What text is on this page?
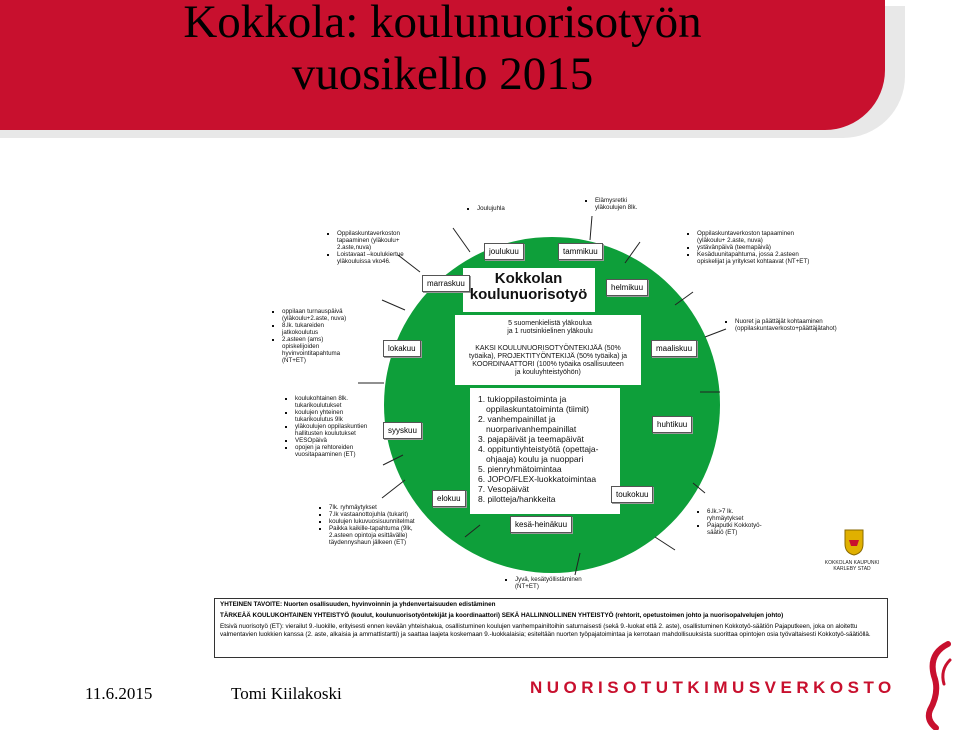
Kokkola: koulunuorisotyön
vuosikello 2015
joulukuu	tammikuu
helmikuu
maaliskuu
huhtikuu
toukokuu
kesä-heinäkuu
elokuu
syyskuu
lokakuu
marraskuu	Kokkolan
koulunuorisotyö
5 suomenkielistä yläkoulua
ja 1 ruotsinkielinen yläkoulu
KAKSI KOULUNUORISOTYÖNTEKIJÄÄ (50%
työaika), PROJEKTITYÖNTEKIJÄ (50% työaika) ja
KOORDINAATTORI (100% työaika osallisuuteen
ja kouluyhteistyöhön)
1. tukioppilastoiminta ja
oppilaskuntatoiminta (tiimit)
2. vanhempainillat ja
nuorparivanhempainillat
3. pajapäivät ja teemapäivät
4. oppituntiyhteistyötä (opettaja-
ohjaaja) koulu ja nuoppari
5. pienryhmätoimintaa
6. JOPO/FLEX-luokkatoimintaa
7. Vesopäivät
8. pilotteja/hankkeita
▪ Joulujuhla
▪ Elämysretki
yläkoulujen 8lk.
▪ Oppilaskuntaverkoston tapaaminen (yläkoulu+ 2.aste, nuva)
▪ ystävänpäivä (teemapäivä)
▪ Kesäduunitapahtuma, jossa 2.asteen opiskelijat ja yritykset kohtaavat (NT+ET)
▪ Nuoret ja päättäjät kohtaaminen (oppilaskuntaverkosto+päättäjätahot)
▪ Oppilaskuntaverkoston tapaaminen (yläkoulu+ 2.aste,nuva)
▪ Loistavaat –koulukiertue yläkouluissa vko46.
▪ oppilaan turnauspäivä (yläkoulu+2.aste, nuva)
▪ 8.lk. tukareiden jatkokoulutus
▪ 2.asteen (ams) opiskelijoiden hyvinvointitapahtuma (NT+ET)
▪ koulukohtainen 8lk. tukarikoulutukset
▪ koulujen yhteinen tukarikoulutus 9lk
▪ yläkoulujen oppilaskuntien hallitusten koulutukset
▪ VESOpäivä
▪ opojen ja rehtoreiden vuositapaaminen (ET)
▪ 7lk. ryhmäytykset
▪ 7.lk vastaanottojuhla (tukarit)
▪ koulujen lukuvuosisuunnitelmat
▪ Paikka kaikille-tapahtuma (9lk, 2.asteen opintoja esittävälle) täydennyshaun jälkeen (ET)
▪ 6.lk.>7 lk. ryhmäytykset
▪ Pajaputki Kokkotyö-säätiö (ET)
▪ Jyvä, kesätyöllistäminen
(NT+ET)
KOKKOLAN KAUPUNKI
KARLEBY STAD

YHTEINEN TAVOITE: Nuorten osallisuuden, hyvinvoinnin ja yhdenvertaisuuden edistäminen

TÄRKEÄÄ KOULUKOHTAINEN YHTEISTYÖ (koulut, koulunuorisotyöntekijät ja koordinaattori) SEKÄ HALLINNOLLINEN YHTEISTYÖ (rehtorit, opetustoimen johto ja nuorisopalvelujen johto)

Etsivä nuorisotyö (ET): vierailut 9.-luokille, erityisesti ennen kevään yhteishakua, osallistuminen koulujen vanhempainiltoihin saturnaisesti (sekä 9.-luokat että 2. aste), osallistuminen Kokkotyö-säätiön Pajaputkeen, joka on aloitettu valmentavien luokkien kanssa (2. aste, alkaisia ja ammattistartti) ja saattaa laajeta koskemaan 9.-luokkalaisia; esiteltään nuorten työpajatoimintaa ja kerrotaan mahdollisuuksista suorittaa opintojen osia työvaltaisesti Kokkotyö-säätiöllä.

11.6.2015	Tomi Kiilakoski	NUORISOTUTKIMUSVERKOSTO
